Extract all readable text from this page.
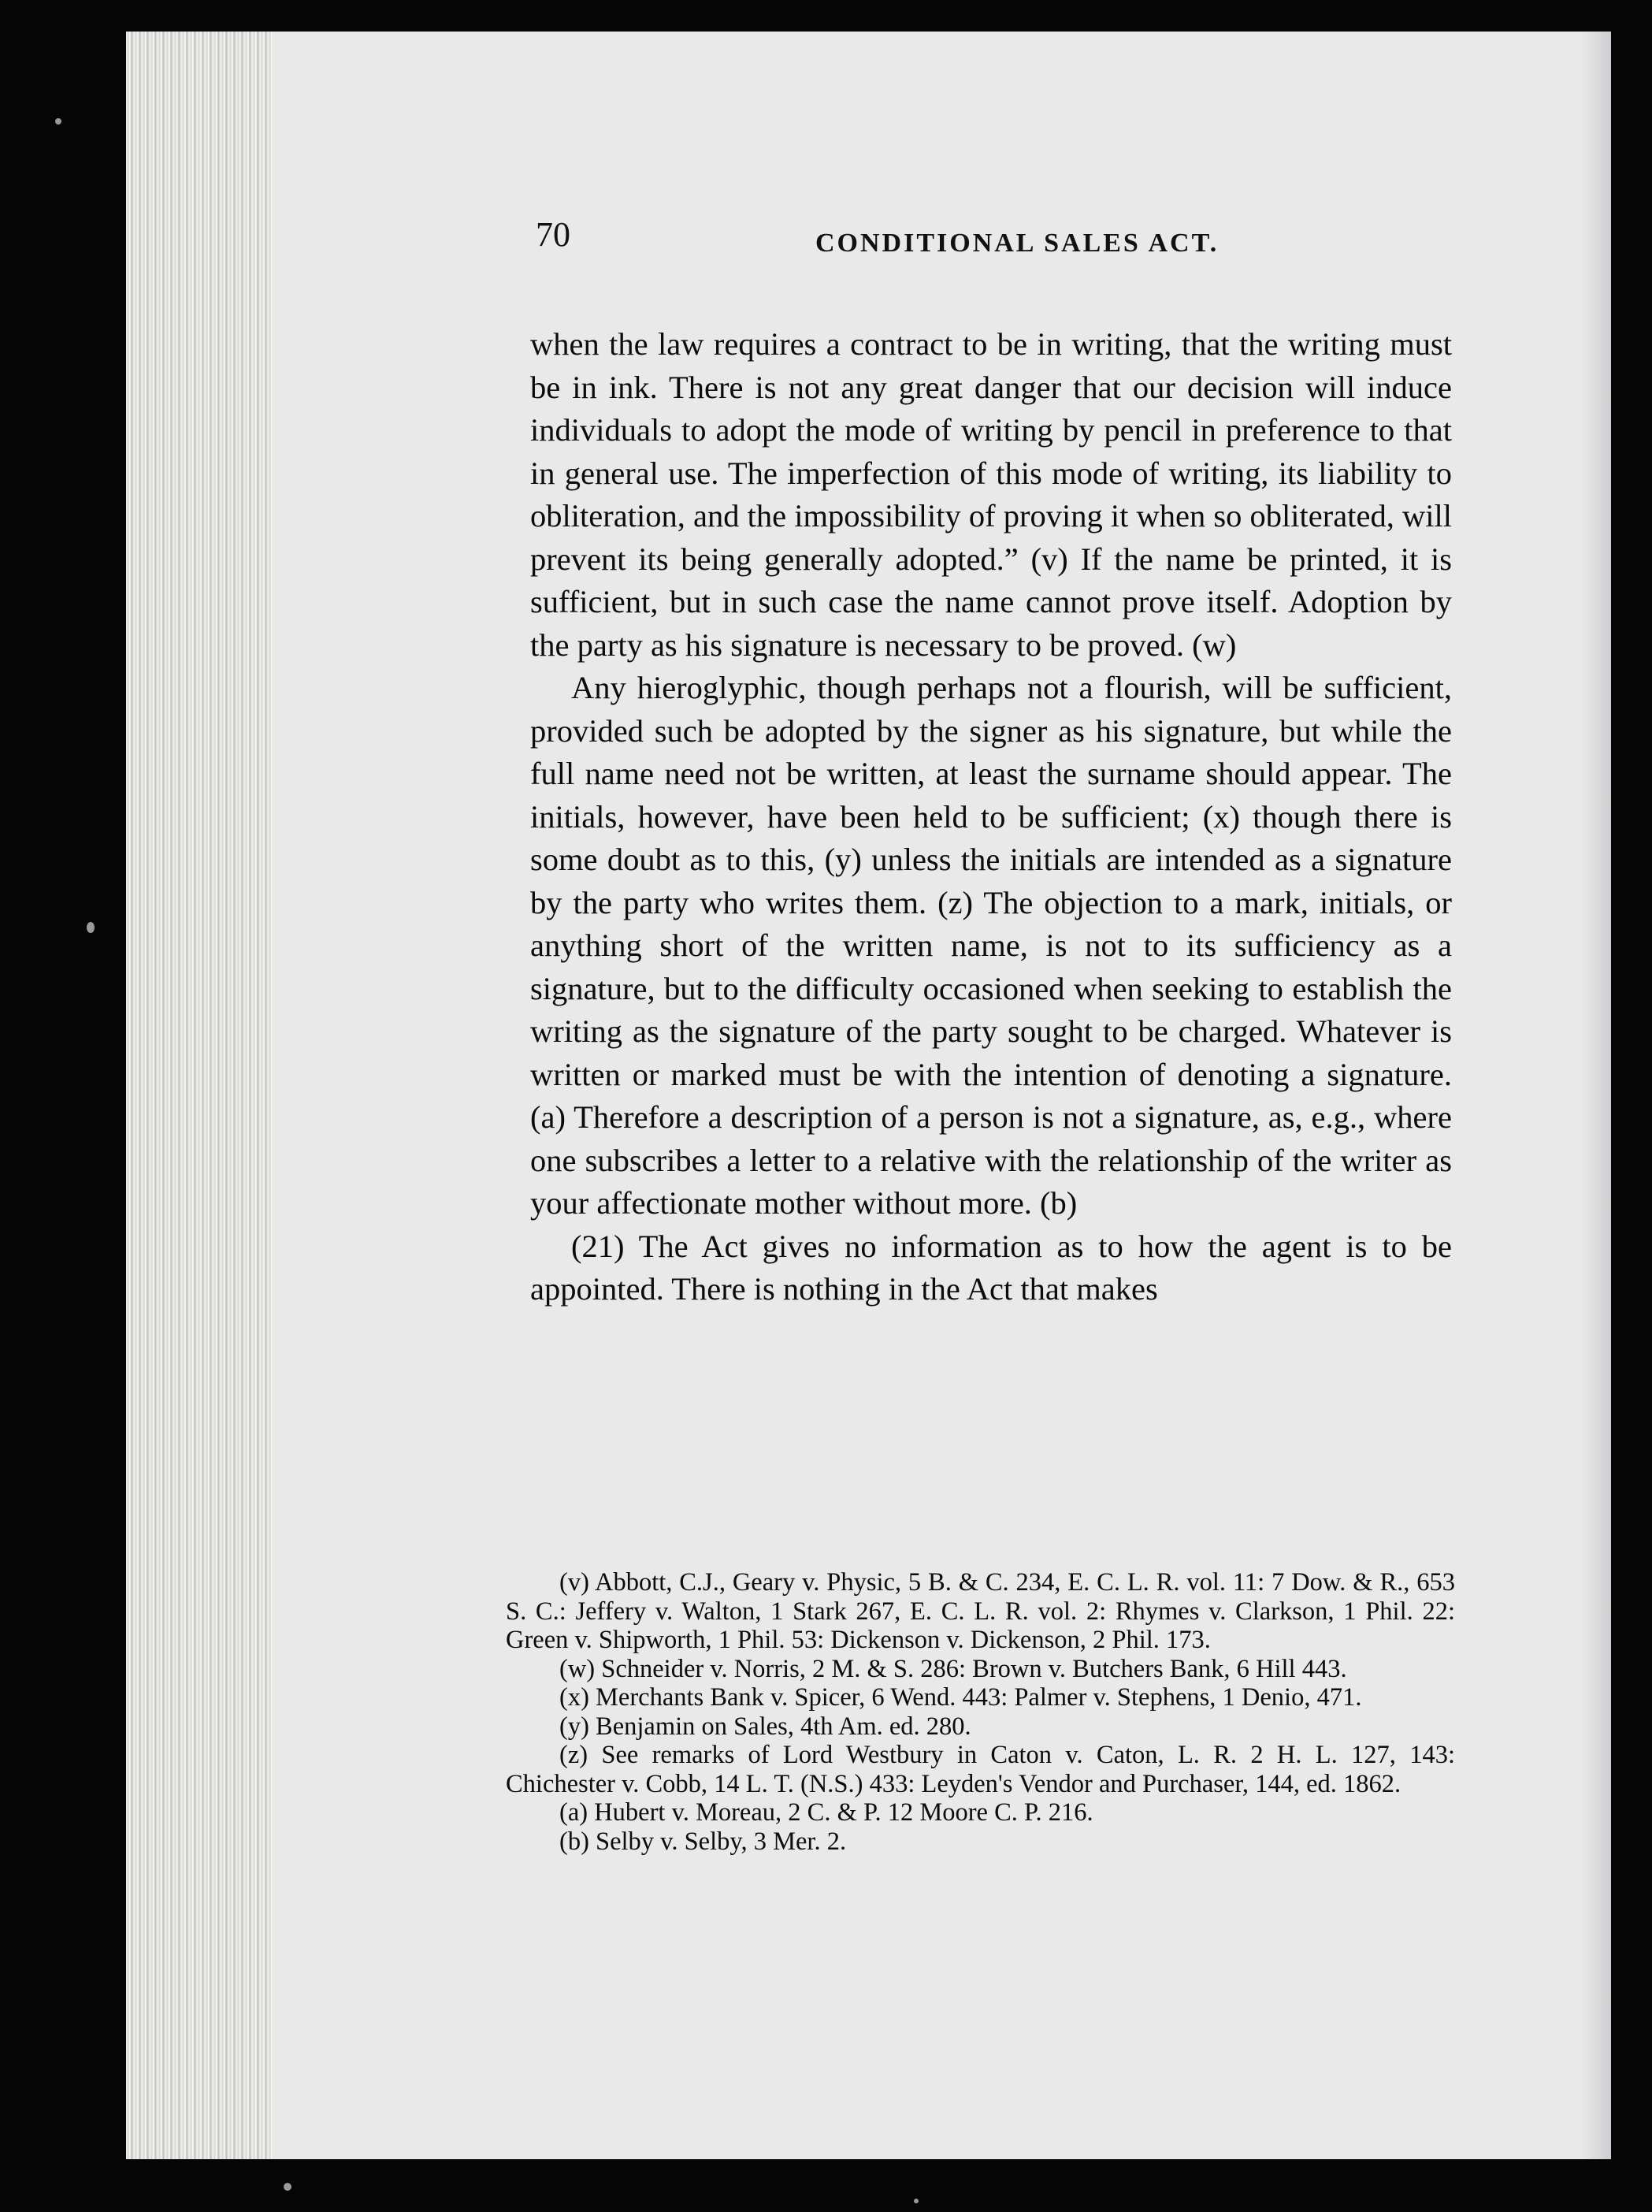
70	CONDITIONAL SALES ACT.

when the law requires a contract to be in writing, that the writing must be in ink. There is not any great danger that our decision will induce individuals to adopt the mode of writing by pencil in preference to that in general use. The imperfection of this mode of writing, its liability to obliteration, and the impossibility of proving it when so obliterated, will prevent its being generally adopted.” (v) If the name be printed, it is sufficient, but in such case the name cannot prove itself. Adoption by the party as his signature is necessary to be proved. (w)

Any hieroglyphic, though perhaps not a flourish, will be sufficient, provided such be adopted by the signer as his signature, but while the full name need not be written, at least the surname should appear. The initials, however, have been held to be sufficient; (x) though there is some doubt as to this, (y) unless the initials are intended as a signature by the party who writes them. (z) The objection to a mark, initials, or anything short of the written name, is not to its sufficiency as a signature, but to the difficulty occasioned when seeking to establish the writing as the signature of the party sought to be charged. Whatever is written or marked must be with the intention of denoting a signature. (a) Therefore a description of a person is not a signature, as, e.g., where one subscribes a letter to a relative with the relationship of the writer as your affectionate mother without more. (b)

(21) The Act gives no information as to how the agent is to be appointed. There is nothing in the Act that makes

(v) Abbott, C.J., Geary v. Physic, 5 B. & C. 234, E. C. L. R. vol. 11: 7 Dow. & R., 653 S. C.: Jeffery v. Walton, 1 Stark 267, E. C. L. R. vol. 2: Rhymes v. Clarkson, 1 Phil. 22: Green v. Shipworth, 1 Phil. 53: Dickenson v. Dickenson, 2 Phil. 173.

(w) Schneider v. Norris, 2 M. & S. 286: Brown v. Butchers Bank, 6 Hill 443.

(x) Merchants Bank v. Spicer, 6 Wend. 443: Palmer v. Stephens, 1 Denio, 471.

(y) Benjamin on Sales, 4th Am. ed. 280.

(z) See remarks of Lord Westbury in Caton v. Caton, L. R. 2 H. L. 127, 143: Chichester v. Cobb, 14 L. T. (N.S.) 433: Leyden's Vendor and Purchaser, 144, ed. 1862.

(a) Hubert v. Moreau, 2 C. & P. 12 Moore C. P. 216.

(b) Selby v. Selby, 3 Mer. 2.
